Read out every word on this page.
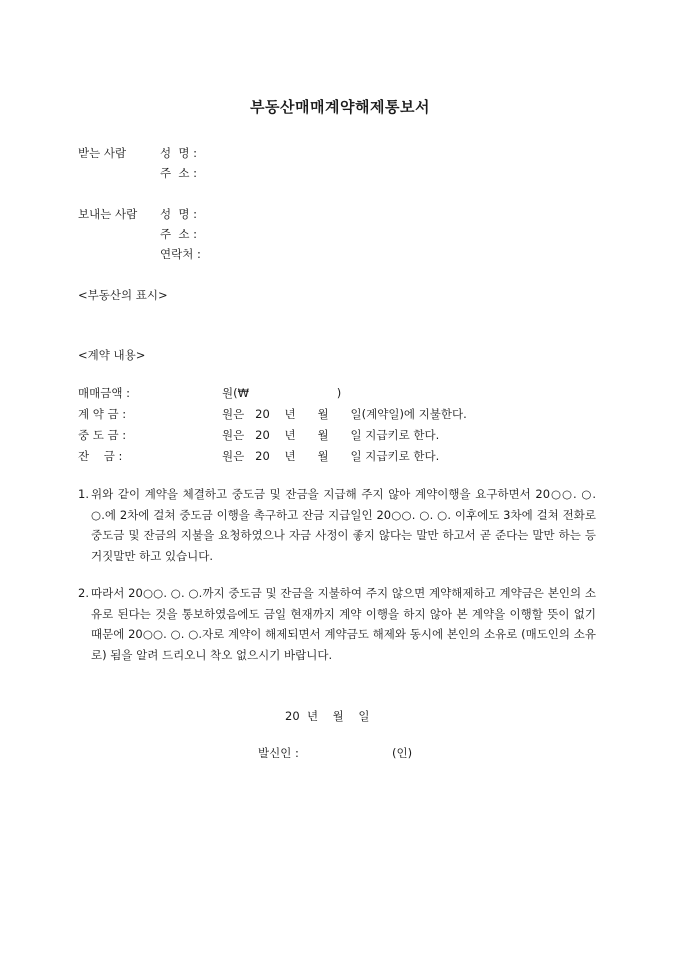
부동산매매계약해제통보서
받는 사람	성  명 :
주  소 :
보내는 사람 성  명 :
주  소 :
연락처 :
<부동산의 표시>
<계약 내용>
매매금액 :	원(₩                        )
계 약 금 :	원은   20    년      월      일(계약일)에 지불한다.
중 도 금 :	원은   20    년      월      일 지급키로 한다.
잔    금 :	원은   20    년      월      일 지급키로 한다.
1. 위와 같이 계약을 체결하고 중도금 및 잔금을 지급해 주지 않아 계약이행을 요구하면서 20○○. ○. ○.에 2차에 걸쳐 중도금 이행을 촉구하고 잔금 지급일인 20○○. ○. ○. 이후에도 3차에 걸쳐 전화로 중도금 및 잔금의 지불을 요청하였으나 자금 사정이 좋지 않다는 말만 하고서 곧 준다는 말만 하는 등 거짓말만 하고 있습니다.
2. 따라서 20○○. ○. ○.까지 중도금 및 잔금을 지불하여 주지 않으면 계약해제하고 계약금은 본인의 소유로 된다는 것을 통보하였음에도 금일 현재까지 계약 이행을 하지 않아 본 계약을 이행할 뜻이 없기 때문에 20○○. ○. ○.자로 계약이 해제되면서 계약금도 해제와 동시에 본인의 소유로 (매도인의 소유로) 됨을 알려 드리오니 착오 없으시기 바랍니다.
20  년    월    일
발신인 :	(인)
